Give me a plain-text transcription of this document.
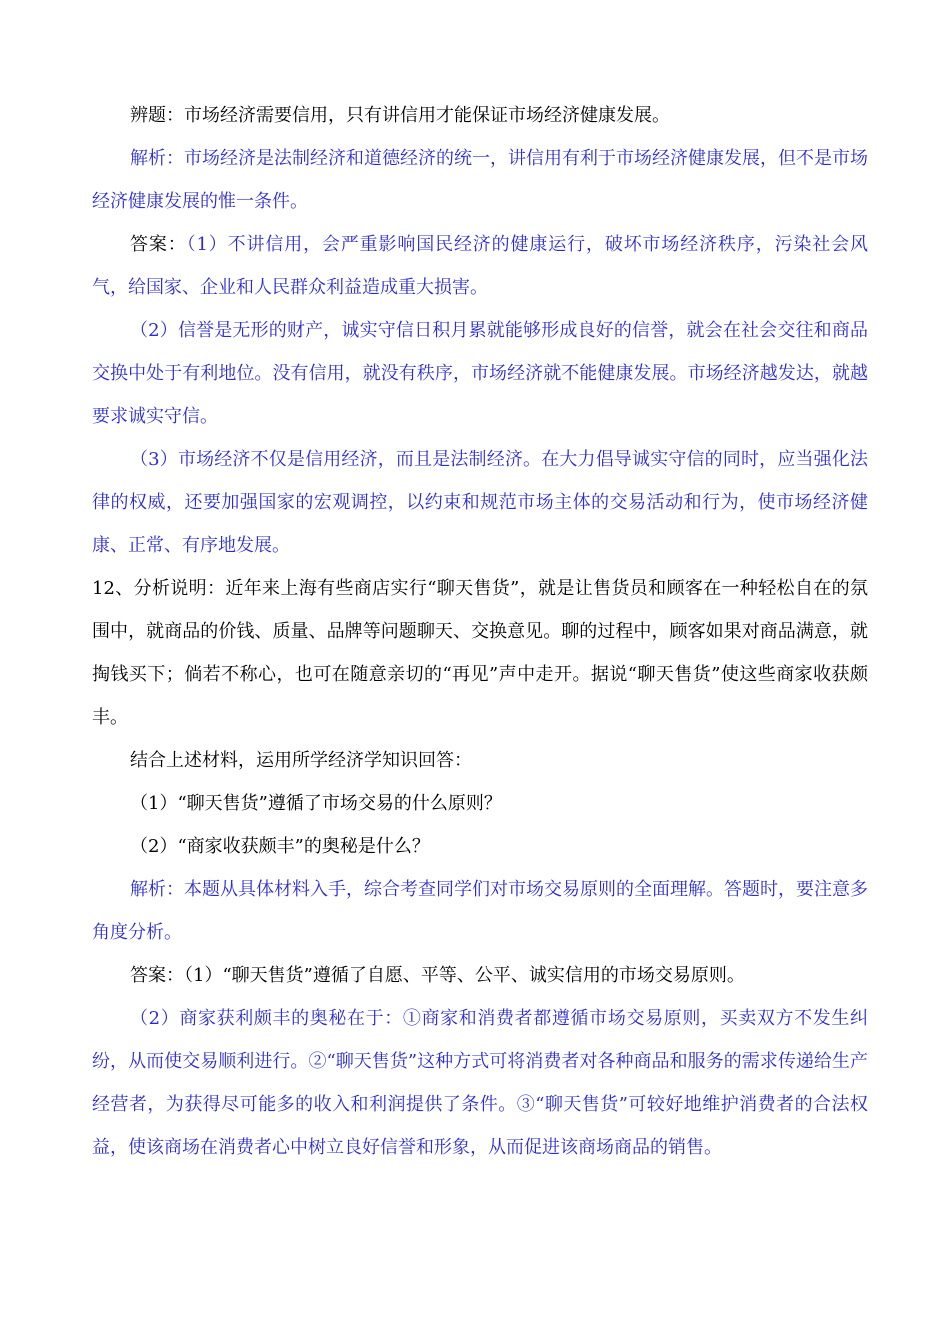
辨题：市场经济需要信用，只有讲信用才能保证市场经济健康发展。

解析：市场经济是法制经济和道德经济的统一，讲信用有利于市场经济健康发展，但不是市场经济健康发展的惟一条件。

答案：（1）不讲信用，会严重影响国民经济的健康运行，破坏市场经济秩序，污染社会风气，给国家、企业和人民群众利益造成重大损害。

（2）信誉是无形的财产，诚实守信日积月累就能够形成良好的信誉，就会在社会交往和商品交换中处于有利地位。没有信用，就没有秩序，市场经济就不能健康发展。市场经济越发达，就越要求诚实守信。

（3）市场经济不仅是信用经济，而且是法制经济。在大力倡导诚实守信的同时，应当强化法律的权威，还要加强国家的宏观调控，以约束和规范市场主体的交易活动和行为，使市场经济健康、正常、有序地发展。

12、分析说明：近年来上海有些商店实行“聊天售货”，就是让售货员和顾客在一种轻松自在的氛围中，就商品的价钱、质量、品牌等问题聊天、交换意见。聊的过程中，顾客如果对商品满意，就掏钱买下；倘若不称心，也可在随意亲切的“再见”声中走开。据说“聊天售货”使这些商家收获颇丰。

结合上述材料，运用所学经济学知识回答：

（1）“聊天售货”遵循了市场交易的什么原则？

（2）“商家收获颇丰”的奥秘是什么？

解析：本题从具体材料入手，综合考查同学们对市场交易原则的全面理解。答题时，要注意多角度分析。

答案：（1）“聊天售货”遵循了自愿、平等、公平、诚实信用的市场交易原则。

（2）商家获利颇丰的奥秘在于：①商家和消费者都遵循市场交易原则，买卖双方不发生纠纷，从而使交易顺利进行。②“聊天售货”这种方式可将消费者对各种商品和服务的需求传递给生产经营者，为获得尽可能多的收入和利润提供了条件。③“聊天售货”可较好地维护消费者的合法权益，使该商场在消费者心中树立良好信誉和形象，从而促进该商场商品的销售。
